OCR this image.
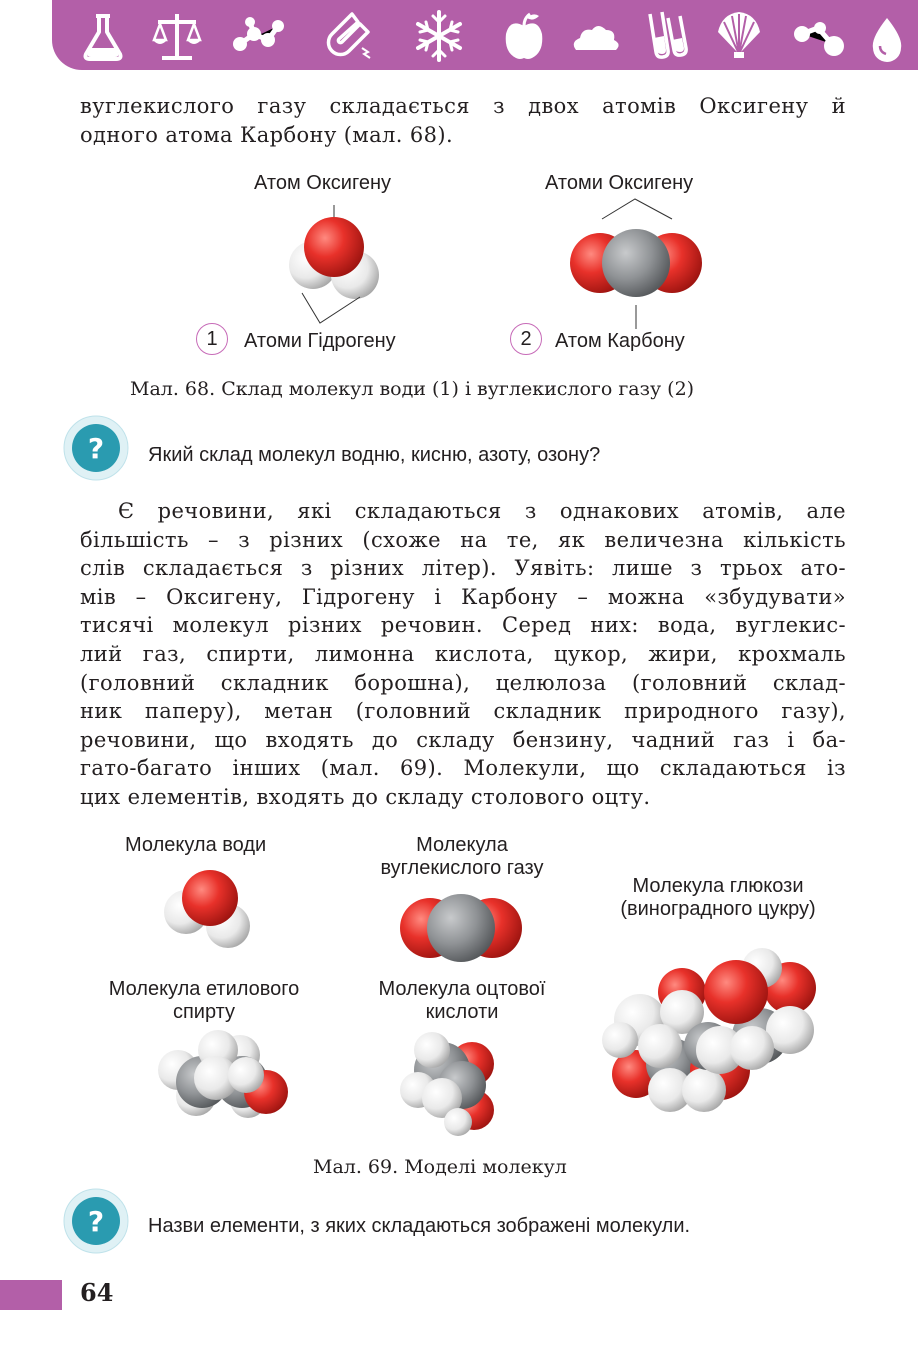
вуглекислого газу складається з двох атомів Оксигену й
одного атома Карбону (мал. 68).
Атом Оксигену	Атоми Оксигену
1	Атоми Гідрогену	2	Атом Карбону
Мал. 68. Склад молекул води (1) і вуглекислого газу (2)
? Який склад молекул водню, кисню, азоту, озону?
Є речовини, які складаються з однакових атомів, але
більшість – з різних (схоже на те, як величезна кількість
слів складається з різних літер). Уявіть: лише з трьох ато-
мів – Оксигену, Гідрогену і Карбону – можна «збудувати»
тисячі молекул різних речовин. Серед них: вода, вуглекис-
лий газ, спирти, лимонна кислота, цукор, жири, крохмаль
(головний складник борошна), целюлоза (головний склад-
ник паперу), метан (головний складник природного газу),
речовини, що входять до складу бензину, чадний газ і ба-
гато-багато інших (мал. 69). Молекули, що складаються із
цих елементів, входять до складу столового оцту.
Молекула води	Молекула
вуглекислого газу
Молекула глюкози
(виноградного цукру)
Молекула етилового
спирту
Молекула оцтової
кислоти
Мал. 69. Моделі молекул
? Назви елементи, з яких складаються зображені молекули.
64
